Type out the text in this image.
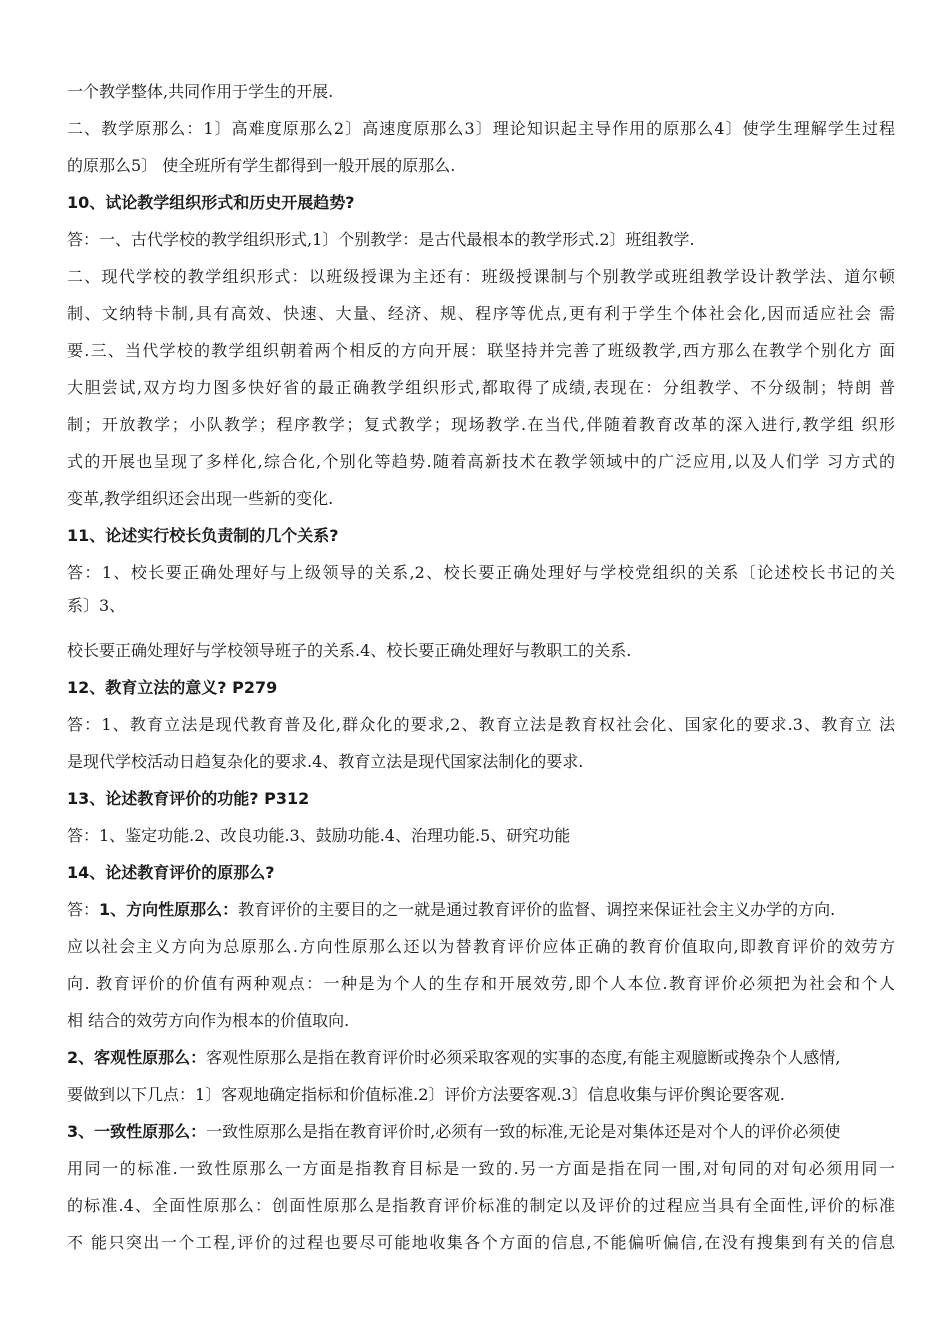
一个教学整体,共同作用于学生的开展.
二、教学原那么：1〕高难度原那么2〕高速度原那么3〕理论知识起主导作用的原那么4〕使学生理解学生过程
的原那么5〕 使全班所有学生都得到一般开展的原那么.
10、试论教学组织形式和历史开展趋势?
答：一、古代学校的教学组织形式,1〕个别教学：是古代最根本的教学形式.2〕班组教学.
二、现代学校的教学组织形式：以班级授课为主还有：班级授课制与个别教学或班组教学设计教学法、道尔顿
制、文纳特卡制,具有高效、快速、大量、经济、规、程序等优点,更有利于学生个体社会化,因而适应社会 需
要.三、当代学校的教学组织朝着两个相反的方向开展：联坚持并完善了班级教学,西方那么在教学个别化方 面
大胆尝试,双方均力图多快好省的最正确教学组织形式,都取得了成绩,表现在：分组教学、不分级制；特朗 普
制；开放教学；小队教学；程序教学；复式教学；现场教学.在当代,伴随着教育改革的深入进行,教学组 织形
式的开展也呈现了多样化,综合化,个别化等趋势.随着高新技术在教学领域中的广泛应用,以及人们学 习方式的
变革,教学组织还会出现一些新的变化.
11、论述实行校长负责制的几个关系?
答：1、校长要正确处理好与上级领导的关系,2、校长要正确处理好与学校党组织的关系〔论述校长书记的关
系〕3、
校长要正确处理好与学校领导班子的关系.4、校长要正确处理好与教职工的关系.
12、教育立法的意义? P279
答：1、教育立法是现代教育普及化,群众化的要求,2、教育立法是教育权社会化、国家化的要求.3、教育立 法
是现代学校活动日趋复杂化的要求.4、教育立法是现代国家法制化的要求.
13、论述教育评价的功能? P312
答：1、鉴定功能.2、改良功能.3、鼓励功能.4、治理功能.5、研究功能
14、论述教育评价的原那么?
答：1、方向性原那么：教育评价的主要目的之一就是通过教育评价的监督、调控来保证社会主义办学的方向.
应以社会主义方向为总原那么.方向性原那么还以为替教育评价应体正确的教育价值取向,即教育评价的效劳方
向. 教育评价的价值有两种观点：一种是为个人的生存和开展效劳,即个人本位.教育评价必须把为社会和个人
相 结合的效劳方向作为根本的价值取向.
2、客观性原那么：客观性原那么是指在教育评价时必须采取客观的实事的态度,有能主观臆断或搀杂个人感情,
要做到以下几点：1〕客观地确定指标和价值标准.2〕评价方法要客观.3〕信息收集与评价舆论要客观.
3、一致性原那么：一致性原那么是指在教育评价时,必须有一致的标准,无论是对集体还是对个人的评价必须使
用同一的标准.一致性原那么一方面是指教育目标是一致的.另一方面是指在同一围,对旬同的对旬必须用同一
的标准.4、全面性原那么：创面性原那么是指教育评价标准的制定以及评价的过程应当具有全面性,评价的标准
不 能只突出一个工程,评价的过程也要尽可能地收集各个方面的信息,不能偏听偏信,在没有搜集到有关的信息
